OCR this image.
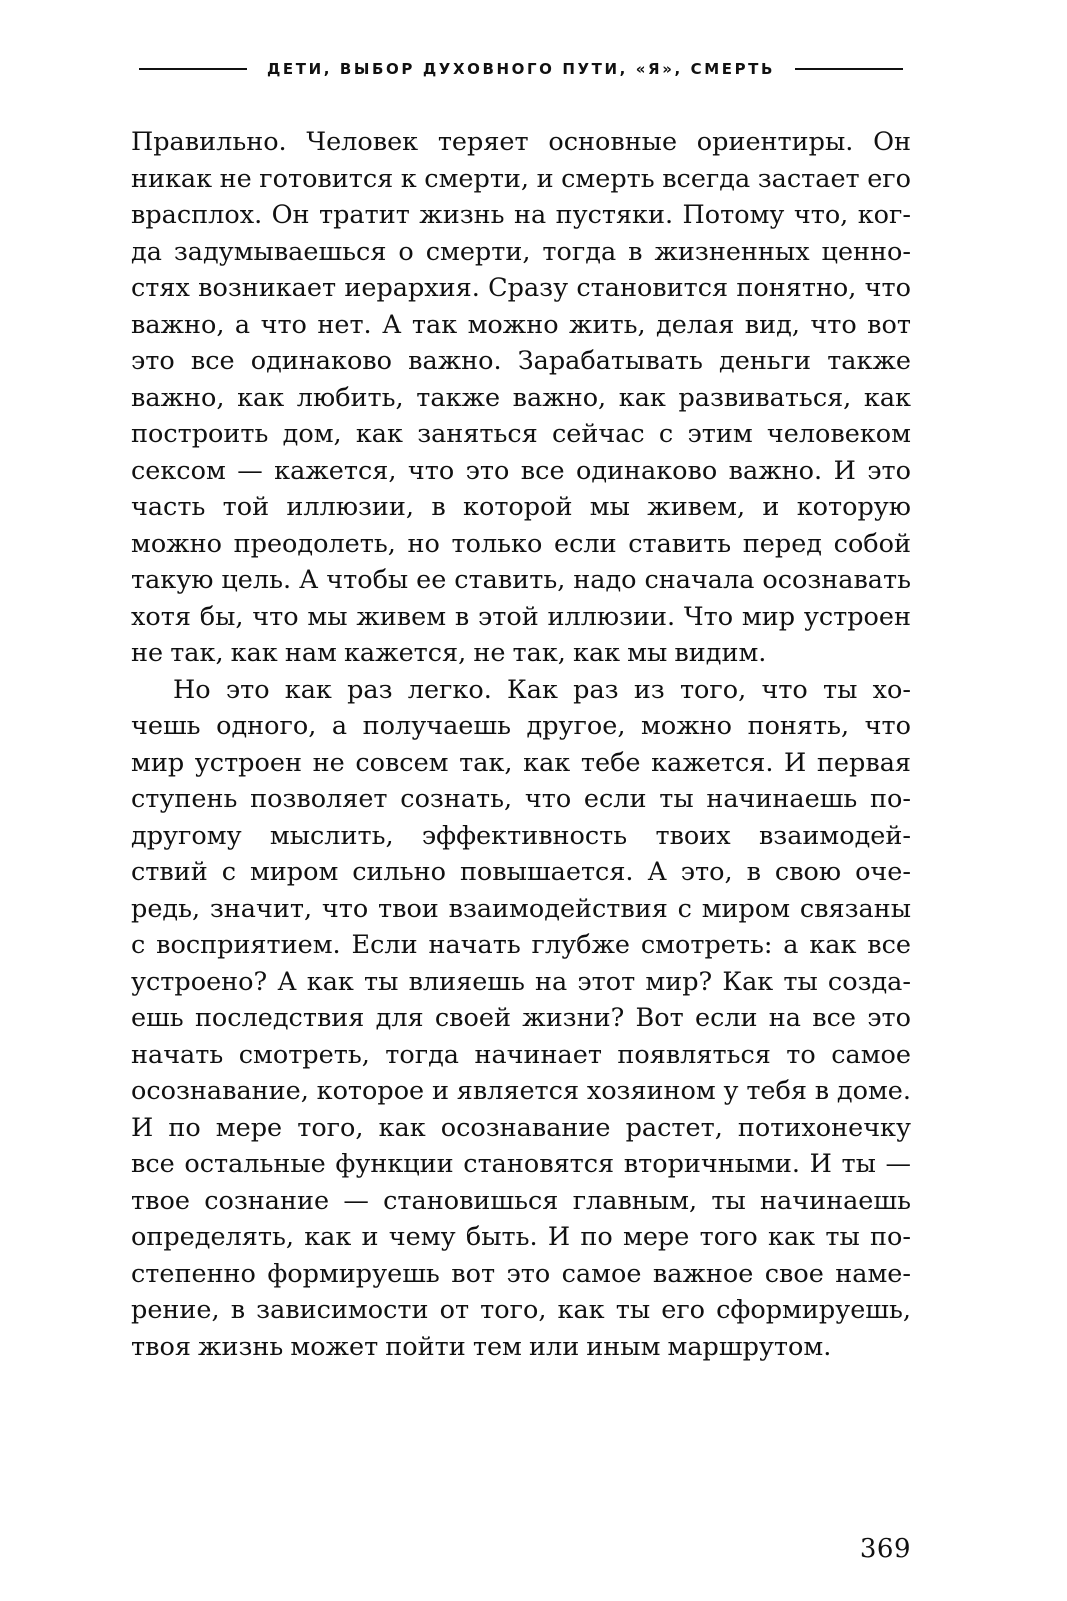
ДЕТИ, ВЫБОР ДУХОВНОГО ПУТИ, «Я», СМЕРТЬ
Правильно. Человек теряет основные ориентиры. Он
никак не готовится к смерти, и смерть всегда застает его
врасплох. Он тратит жизнь на пустяки. Потому что, ког-
да задумываешься о смерти, тогда в жизненных ценно-
стях возникает иерархия. Сразу становится понятно, что
важно, а что нет. А так можно жить, делая вид, что вот
это все одинаково важно. Зарабатывать деньги также
важно, как любить, также важно, как развиваться, как
построить дом, как заняться сейчас с этим человеком
сексом — кажется, что это все одинаково важно. И это
часть той иллюзии, в которой мы живем, и которую
можно преодолеть, но только если ставить перед собой
такую цель. А чтобы ее ставить, надо сначала осознавать
хотя бы, что мы живем в этой иллюзии. Что мир устроен
не так, как нам кажется, не так, как мы видим.
Но это как раз легко. Как раз из того, что ты хо-
чешь одного, а получаешь другое, можно понять, что
мир устроен не совсем так, как тебе кажется. И первая
ступень позволяет сознать, что если ты начинаешь по-
другому мыслить, эффективность твоих взаимодей-
ствий с миром сильно повышается. А это, в свою оче-
редь, значит, что твои взаимодействия с миром связаны
с восприятием. Если начать глубже смотреть: а как все
устроено? А как ты влияешь на этот мир? Как ты созда-
ешь последствия для своей жизни? Вот если на все это
начать смотреть, тогда начинает появляться то самое
осознавание, которое и является хозяином у тебя в доме.
И по мере того, как осознавание растет, потихонечку
все остальные функции становятся вторичными. И ты —
твое сознание — становишься главным, ты начинаешь
определять, как и чему быть. И по мере того как ты по-
степенно формируешь вот это самое важное свое наме-
рение, в зависимости от того, как ты его сформируешь,
твоя жизнь может пойти тем или иным маршрутом.
369
